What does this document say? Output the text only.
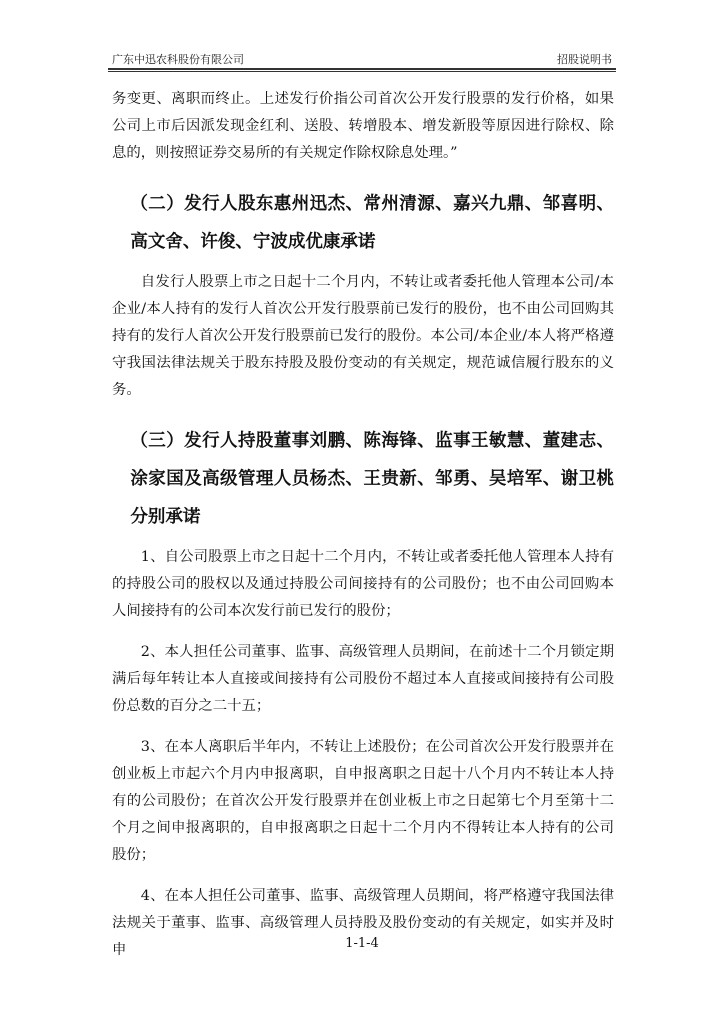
广东中迅农科股份有限公司	招股说明书

务变更、离职而终止。上述发行价指公司首次公开发行股票的发行价格，如果公司上市后因派发现金红利、送股、转增股本、增发新股等原因进行除权、除息的，则按照证券交易所的有关规定作除权除息处理。”

（二）发行人股东惠州迅杰、常州清源、嘉兴九鼎、邹喜明、高文舍、许俊、宁波成优康承诺

自发行人股票上市之日起十二个月内，不转让或者委托他人管理本公司/本企业/本人持有的发行人首次公开发行股票前已发行的股份，也不由公司回购其持有的发行人首次公开发行股票前已发行的股份。本公司/本企业/本人将严格遵守我国法律法规关于股东持股及股份变动的有关规定，规范诚信履行股东的义务。

（三）发行人持股董事刘鹏、陈海锋、监事王敏慧、董建志、涂家国及高级管理人员杨杰、王贵新、邹勇、吴培军、谢卫桃分别承诺

1、自公司股票上市之日起十二个月内，不转让或者委托他人管理本人持有的持股公司的股权以及通过持股公司间接持有的公司股份；也不由公司回购本人间接持有的公司本次发行前已发行的股份；

2、本人担任公司董事、监事、高级管理人员期间，在前述十二个月锁定期满后每年转让本人直接或间接持有公司股份不超过本人直接或间接持有公司股份总数的百分之二十五；

3、在本人离职后半年内，不转让上述股份；在公司首次公开发行股票并在创业板上市起六个月内申报离职，自申报离职之日起十八个月内不转让本人持有的公司股份；在首次公开发行股票并在创业板上市之日起第七个月至第十二个月之间申报离职的，自申报离职之日起十二个月内不得转让本人持有的公司股份；

4、在本人担任公司董事、监事、高级管理人员期间，将严格遵守我国法律法规关于董事、监事、高级管理人员持股及股份变动的有关规定，如实并及时申	1-1-4
